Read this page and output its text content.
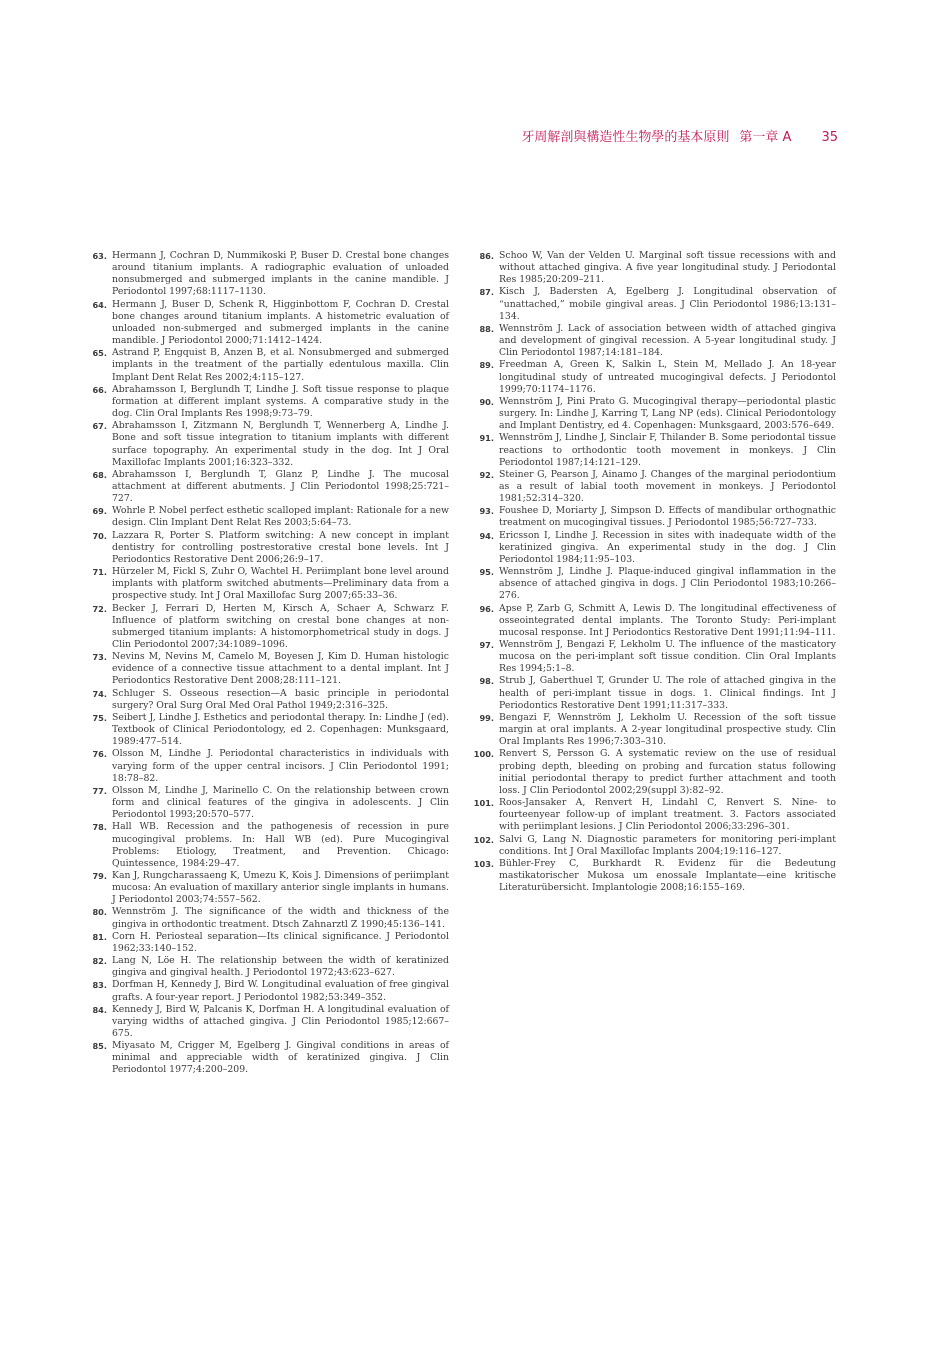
牙周解剖與構造性生物學的基本原則 第一章 A 35
63. Hermann J, Cochran D, Nummikoski P, Buser D. Crestal bone changes around titanium implants. A radiographic evaluation of unloaded nonsubmerged and submerged implants in the canine mandible. J Periodontol 1997;68:1117–1130.
64. Hermann J, Buser D, Schenk R, Higginbottom F, Cochran D. Crestal bone changes around titanium implants. A histometric evaluation of unloaded non-submerged and submerged implants in the canine mandible. J Periodontol 2000;71:1412–1424.
65. Astrand P, Engquist B, Anzen B, et al. Nonsubmerged and submerged implants in the treatment of the partially edentulous maxilla. Clin Implant Dent Relat Res 2002;4:115–127.
66. Abrahamsson I, Berglundh T, Lindhe J. Soft tissue response to plaque formation at different implant systems. A comparative study in the dog. Clin Oral Implants Res 1998;9:73–79.
67. Abrahamsson I, Zitzmann N, Berglundh T, Wennerberg A, Lindhe J. Bone and soft tissue integration to titanium implants with different surface topography. An experimental study in the dog. Int J Oral Maxillofac Implants 2001;16:323–332.
68. Abrahamsson I, Berglundh T, Glanz P, Lindhe J. The mucosal attachment at different abutments. J Clin Periodontol 1998;25:721–727.
69. Wohrle P. Nobel perfect esthetic scalloped implant: Rationale for a new design. Clin Implant Dent Relat Res 2003;5:64–73.
70. Lazzara R, Porter S. Platform switching: A new concept in implant dentistry for controlling postrestorative crestal bone levels. Int J Periodontics Restorative Dent 2006;26:9–17.
71. Hürzeler M, Fickl S, Zuhr O, Wachtel H. Periimplant bone level around implants with platform switched abutments—Preliminary data from a prospective study. Int J Oral Maxillofac Surg 2007;65:33–36.
72. Becker J, Ferrari D, Herten M, Kirsch A, Schaer A, Schwarz F. Influence of platform switching on crestal bone changes at non-submerged titanium implants: A histomorphometrical study in dogs. J Clin Periodontol 2007;34:1089–1096.
73. Nevins M, Nevins M, Camelo M, Boyesen J, Kim D. Human histologic evidence of a connective tissue attachment to a dental implant. Int J Periodontics Restorative Dent 2008;28:111–121.
74. Schluger S. Osseous resection—A basic principle in periodontal surgery? Oral Surg Oral Med Oral Pathol 1949;2:316–325.
75. Seibert J, Lindhe J. Esthetics and periodontal therapy. In: Lindhe J (ed). Textbook of Clinical Periodontology, ed 2. Copenhagen: Munksgaard, 1989:477–514.
76. Olsson M, Lindhe J. Periodontal characteristics in individuals with varying form of the upper central incisors. J Clin Periodontol 1991; 18:78–82.
77. Olsson M, Lindhe J, Marinello C. On the relationship between crown form and clinical features of the gingiva in adolescents. J Clin Periodontol 1993;20:570–577.
78. Hall WB. Recession and the pathogenesis of recession in pure mucogingival problems. In: Hall WB (ed). Pure Mucogingival Problems: Etiology, Treatment, and Prevention. Chicago: Quintessence, 1984:29–47.
79. Kan J, Rungcharassaeng K, Umezu K, Kois J. Dimensions of periimplant mucosa: An evaluation of maxillary anterior single implants in humans. J Periodontol 2003;74:557–562.
80. Wennström J. The significance of the width and thickness of the gingiva in orthodontic treatment. Dtsch Zahnarztl Z 1990;45:136–141.
81. Corn H. Periosteal separation—Its clinical significance. J Periodontol 1962;33:140–152.
82. Lang N, Löe H. The relationship between the width of keratinized gingiva and gingival health. J Periodontol 1972;43:623–627.
83. Dorfman H, Kennedy J, Bird W. Longitudinal evaluation of free gingival grafts. A four-year report. J Periodontol 1982;53:349–352.
84. Kennedy J, Bird W, Palcanis K, Dorfman H. A longitudinal evaluation of varying widths of attached gingiva. J Clin Periodontol 1985;12:667–675.
85. Miyasato M, Crigger M, Egelberg J. Gingival conditions in areas of minimal and appreciable width of keratinized gingiva. J Clin Periodontol 1977;4:200–209.
86. Schoo W, Van der Velden U. Marginal soft tissue recessions with and without attached gingiva. A five year longitudinal study. J Periodontal Res 1985;20:209–211.
87. Kisch J, Badersten A, Egelberg J. Longitudinal observation of “unattached,” mobile gingival areas. J Clin Periodontol 1986;13:131–134.
88. Wennström J. Lack of association between width of attached gingiva and development of gingival recession. A 5-year longitudinal study. J Clin Periodontol 1987;14:181–184.
89. Freedman A, Green K, Salkin L, Stein M, Mellado J. An 18-year longitudinal study of untreated mucogingival defects. J Periodontol 1999;70:1174–1176.
90. Wennström J, Pini Prato G. Mucogingival therapy—periodontal plastic surgery. In: Lindhe J, Karring T, Lang NP (eds). Clinical Periodontology and Implant Dentistry, ed 4. Copenhagen: Munksgaard, 2003:576–649.
91. Wennström J, Lindhe J, Sinclair F, Thilander B. Some periodontal tissue reactions to orthodontic tooth movement in monkeys. J Clin Periodontol 1987;14:121–129.
92. Steiner G, Pearson J, Ainamo J. Changes of the marginal periodontium as a result of labial tooth movement in monkeys. J Periodontol 1981;52:314–320.
93. Foushee D, Moriarty J, Simpson D. Effects of mandibular orthognathic treatment on mucogingival tissues. J Periodontol 1985;56:727–733.
94. Ericsson I, Lindhe J. Recession in sites with inadequate width of the keratinized gingiva. An experimental study in the dog. J Clin Periodontol 1984;11:95–103.
95. Wennström J, Lindhe J. Plaque-induced gingival inflammation in the absence of attached gingiva in dogs. J Clin Periodontol 1983;10:266–276.
96. Apse P, Zarb G, Schmitt A, Lewis D. The longitudinal effectiveness of osseointegrated dental implants. The Toronto Study: Peri-implant mucosal response. Int J Periodontics Restorative Dent 1991;11:94–111.
97. Wennström J, Bengazi F, Lekholm U. The influence of the masticatory mucosa on the peri-implant soft tissue condition. Clin Oral Implants Res 1994;5:1–8.
98. Strub J, Gaberthuel T, Grunder U. The role of attached gingiva in the health of peri-implant tissue in dogs. 1. Clinical findings. Int J Periodontics Restorative Dent 1991;11:317–333.
99. Bengazi F, Wennström J, Lekholm U. Recession of the soft tissue margin at oral implants. A 2-year longitudinal prospective study. Clin Oral Implants Res 1996;7:303–310.
100. Renvert S, Persson G. A systematic review on the use of residual probing depth, bleeding on probing and furcation status following initial periodontal therapy to predict further attachment and tooth loss. J Clin Periodontol 2002;29(suppl 3):82–92.
101. Roos-Jansaker A, Renvert H, Lindahl C, Renvert S. Nine- to fourteenyear follow-up of implant treatment. 3. Factors associated with periimplant lesions. J Clin Periodontol 2006;33:296–301.
102. Salvi G, Lang N. Diagnostic parameters for monitoring peri-implant conditions. Int J Oral Maxillofac Implants 2004;19:116–127.
103. Bühler-Frey C, Burkhardt R. Evidenz für die Bedeutung mastikatorischer Mukosa um enossale Implantate—eine kritische Literaturübersicht. Implantologie 2008;16:155–169.
